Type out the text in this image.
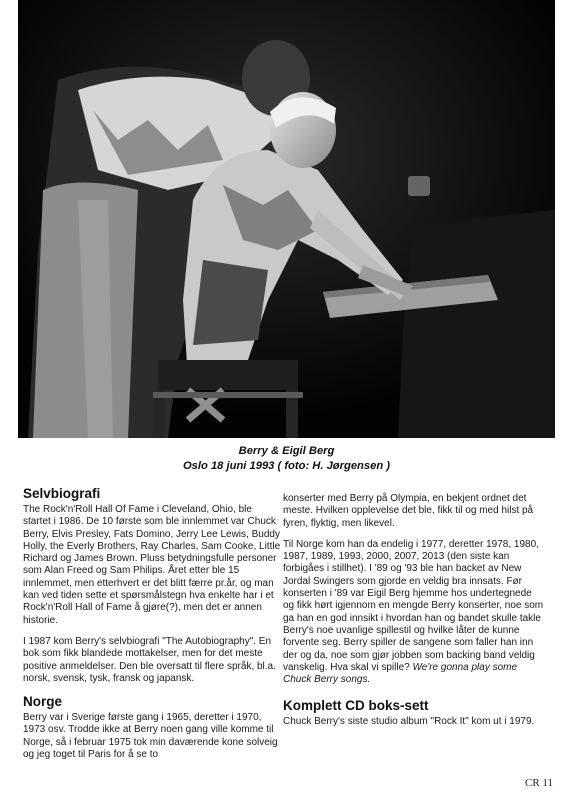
Berry & Eigil Berg
Oslo 18 juni 1993 ( foto: H. Jørgensen )
Selvbiografi

The Rock'n'Roll Hall Of Fame i Cleveland, Ohio, ble startet i 1986. De 10 første som ble innlemmet var Chuck Berry, Elvis Presley, Fats Domino, Jerry Lee Lewis, Buddy Holly, the Everly Brothers, Ray Charles, Sam Cooke, Little Richard og James Brown. Pluss betydningsfulle personer som Alan Freed og Sam Philips. Året etter ble 15 innlemmet, men etterhvert er det blitt færre pr.år, og man kan ved tiden sette et spørsmålstegn hva enkelte har i et Rock'n'Roll Hall of Fame å gjøre(?), men det er annen historie.

I 1987 kom Berry's selvbiografi "The Autobiography". En bok som fikk blandede mottakelser, men for det meste positive anmeldelser. Den ble oversatt til flere språk, bl.a. norsk, svensk, tysk, fransk og japansk.

Norge

Berry var i Sverige første gang i 1965, deretter i 1970, 1973 osv. Trodde ikke at Berry noen gang ville komme til Norge, så i februar 1975 tok min daværende kone solveig og jeg toget til Paris for å se to

konserter med Berry på Olympia, en bekjent ordnet det meste. Hvilken opplevelse det ble, fikk til og med hilst på fyren, flyktig, men likevel.

Til Norge kom han da endelig i 1977, deretter 1978, 1980, 1987, 1989, 1993, 2000, 2007, 2013 (den siste kan forbigåes i stillhet). I '89 og '93 ble han backet av New Jordal Swingers som gjorde en veldig bra innsats. Før konserten i '89 var Eigil Berg hjemme hos undertegnede og fikk hørt igjennom en mengde Berry konserter, noe som ga han en god innsikt i hvordan han og bandet skulle takle Berry's noe uvanlige spillestil og hvilke låter de kunne forvente seg. Berry spiller de sangene som faller han inn der og da, noe som gjør jobben som backing band veldig vanskelig. Hva skal vi spille? We're gonna play some Chuck Berry songs.

Komplett CD boks-sett

Chuck Berry's siste studio album "Rock It" kom ut i 1979.

CR 11
